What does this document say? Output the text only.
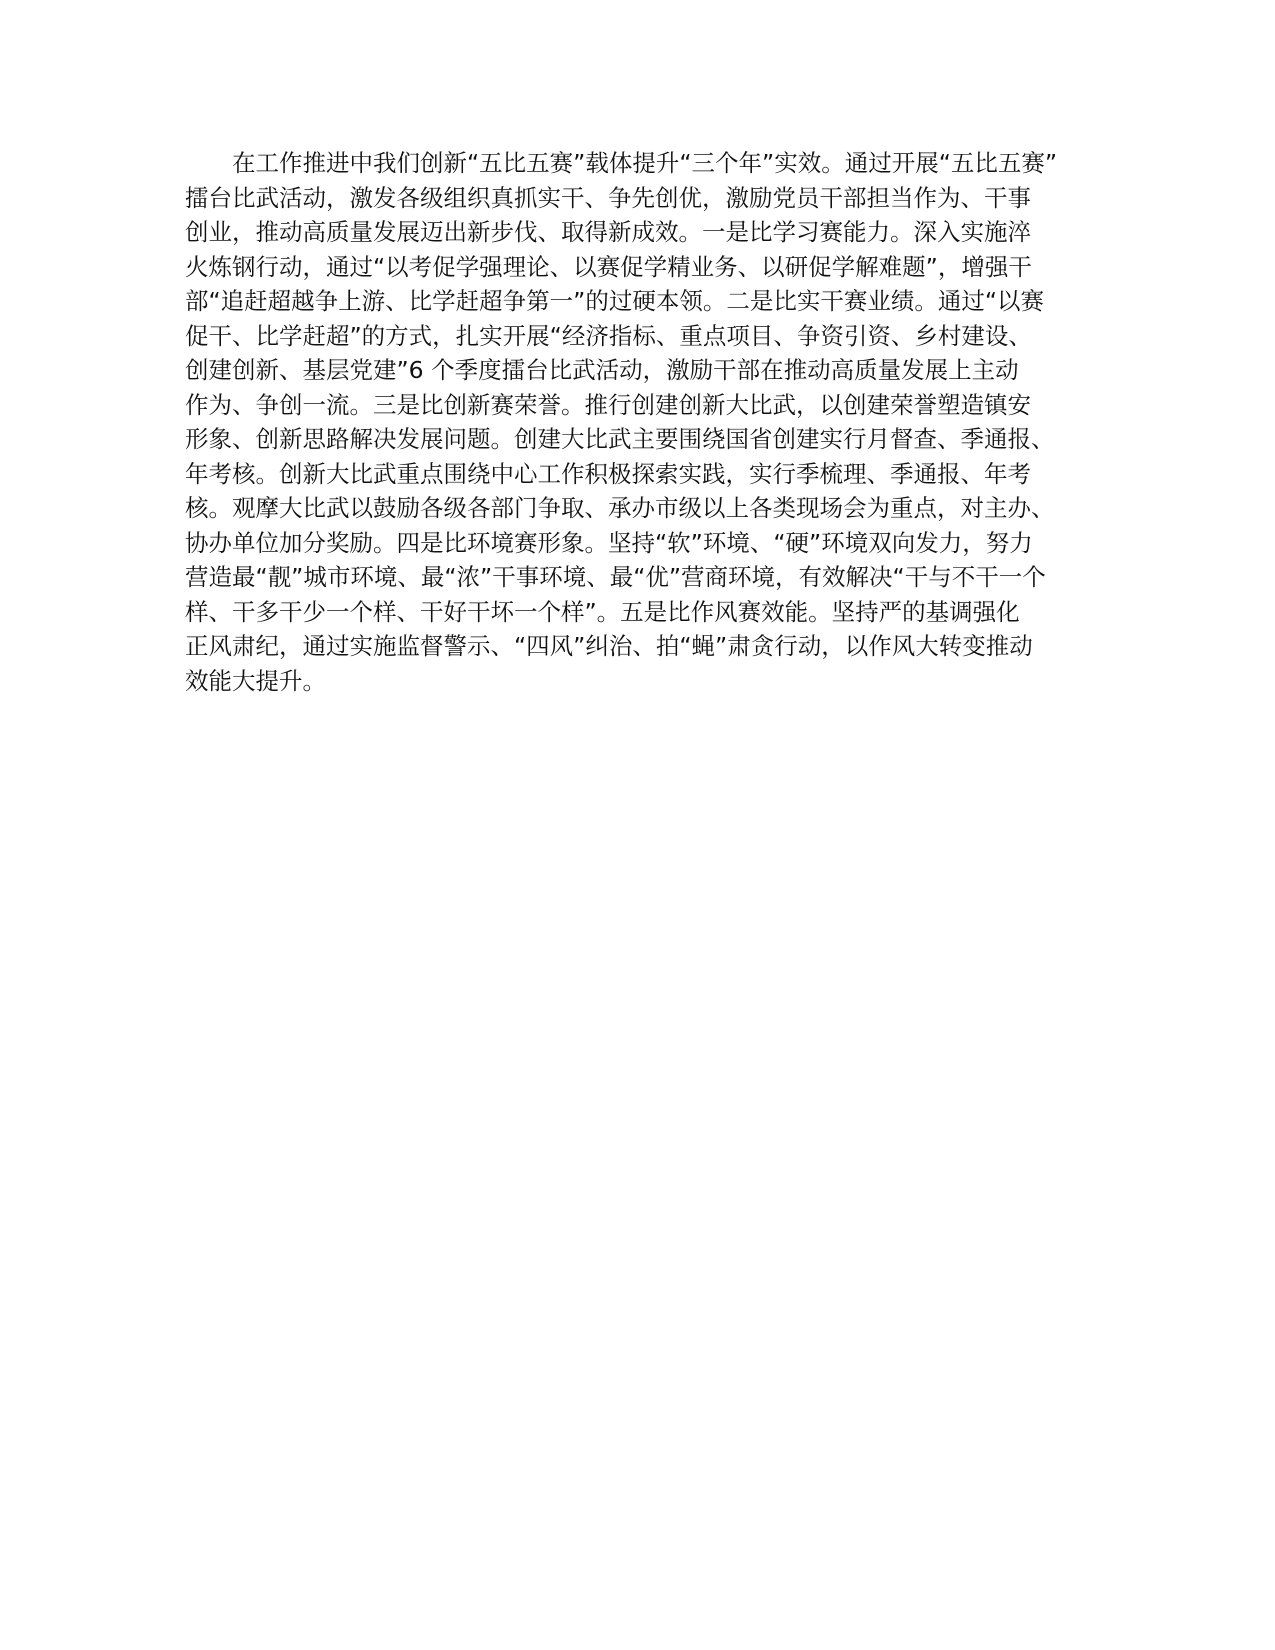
在工作推进中我们创新“五比五赛”载体提升“三个年”实效。通过开展“五比五赛”
擂台比武活动，激发各级组织真抓实干、争先创优，激励党员干部担当作为、干事
创业，推动高质量发展迈出新步伐、取得新成效。一是比学习赛能力。深入实施淬
火炼钢行动，通过“以考促学强理论、以赛促学精业务、以研促学解难题”，增强干
部“追赶超越争上游、比学赶超争第一”的过硬本领。二是比实干赛业绩。通过“以赛
促干、比学赶超”的方式，扎实开展“经济指标、重点项目、争资引资、乡村建设、
创建创新、基层党建”6 个季度擂台比武活动，激励干部在推动高质量发展上主动
作为、争创一流。三是比创新赛荣誉。推行创建创新大比武，以创建荣誉塑造镇安
形象、创新思路解决发展问题。创建大比武主要围绕国省创建实行月督查、季通报、
年考核。创新大比武重点围绕中心工作积极探索实践，实行季梳理、季通报、年考
核。观摩大比武以鼓励各级各部门争取、承办市级以上各类现场会为重点，对主办、
协办单位加分奖励。四是比环境赛形象。坚持“软”环境、“硬”环境双向发力，努力
营造最“靓”城市环境、最“浓”干事环境、最“优”营商环境，有效解决“干与不干一个
样、干多干少一个样、干好干坏一个样”。五是比作风赛效能。坚持严的基调强化
正风肃纪，通过实施监督警示、“四风”纠治、拍“蝇”肃贪行动，以作风大转变推动
效能大提升。
